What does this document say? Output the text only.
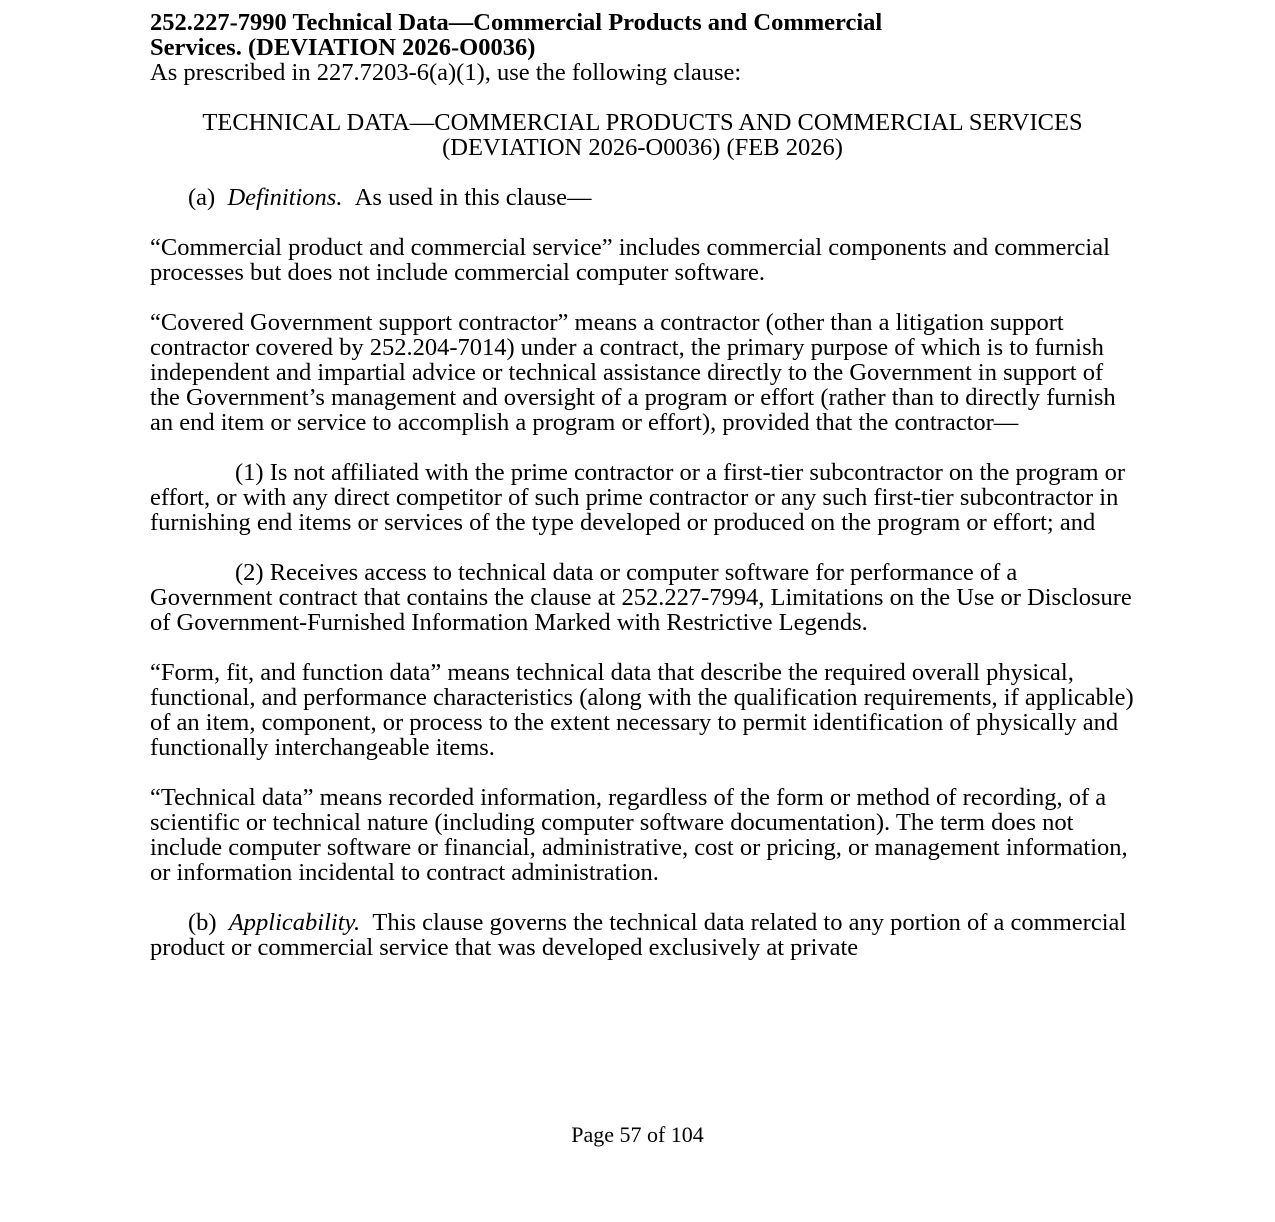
252.227-7990 Technical Data—Commercial Products and Commercial
Services. (DEVIATION 2026-O0036)
As prescribed in 227.7203-6(a)(1), use the following clause:
TECHNICAL DATA—COMMERCIAL PRODUCTS AND COMMERCIAL SERVICES
(DEVIATION 2026-O0036) (FEB 2026)

(a) Definitions. As used in this clause—

“Commercial product and commercial service” includes commercial components and commercial processes but does not include commercial computer software.

“Covered Government support contractor” means a contractor (other than a litigation support contractor covered by 252.204-7014) under a contract, the primary purpose of which is to furnish independent and impartial advice or technical assistance directly to the Government in support of the Government’s management and oversight of a program or effort (rather than to directly furnish an end item or service to accomplish a program or effort), provided that the contractor—

(1) Is not affiliated with the prime contractor or a first-tier subcontractor on the program or effort, or with any direct competitor of such prime contractor or any such first-tier subcontractor in furnishing end items or services of the type developed or produced on the program or effort; and

(2) Receives access to technical data or computer software for performance of a Government contract that contains the clause at 252.227-7994, Limitations on the Use or Disclosure of Government-Furnished Information Marked with Restrictive Legends.

“Form, fit, and function data” means technical data that describe the required overall physical, functional, and performance characteristics (along with the qualification requirements, if applicable) of an item, component, or process to the extent necessary to permit identification of physically and functionally interchangeable items.

“Technical data” means recorded information, regardless of the form or method of recording, of a scientific or technical nature (including computer software documentation). The term does not include computer software or financial, administrative, cost or pricing, or management information, or information incidental to contract administration.

(b) Applicability. This clause governs the technical data related to any portion of a commercial product or commercial service that was developed exclusively at private

Page 57 of 104
